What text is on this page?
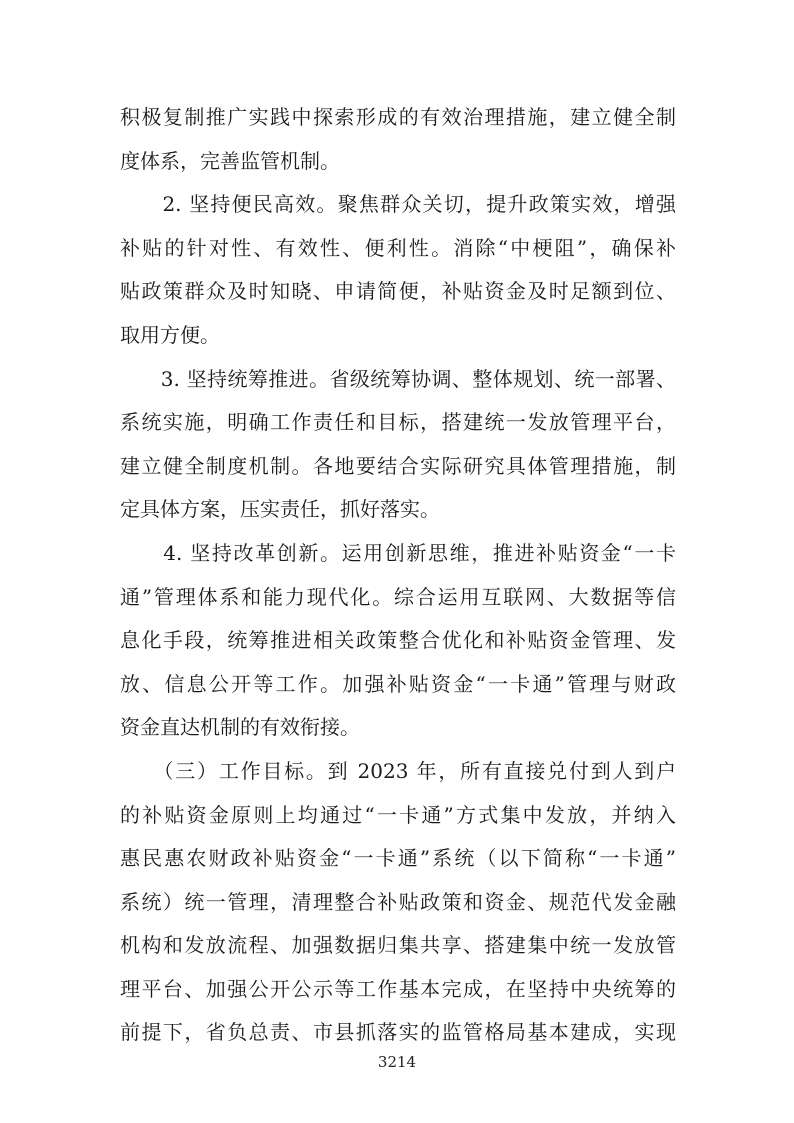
积极复制推广实践中探索形成的有效治理措施，建立健全制
度体系，完善监管机制。
　　2. 坚持便民高效。聚焦群众关切，提升政策实效，增强
补贴的针对性、有效性、便利性。消除“中梗阻”，确保补
贴政策群众及时知晓、申请简便，补贴资金及时足额到位、
取用方便。
　　3. 坚持统筹推进。省级统筹协调、整体规划、统一部署、
系统实施，明确工作责任和目标，搭建统一发放管理平台，
建立健全制度机制。各地要结合实际研究具体管理措施，制
定具体方案，压实责任，抓好落实。
　　4. 坚持改革创新。运用创新思维，推进补贴资金“一卡
通”管理体系和能力现代化。综合运用互联网、大数据等信
息化手段，统筹推进相关政策整合优化和补贴资金管理、发
放、信息公开等工作。加强补贴资金“一卡通”管理与财政
资金直达机制的有效衔接。
　　（三）工作目标。到 2023 年，所有直接兑付到人到户
的补贴资金原则上均通过“一卡通”方式集中发放，并纳入
惠民惠农财政补贴资金“一卡通”系统（以下简称“一卡通”
系统）统一管理，清理整合补贴政策和资金、规范代发金融
机构和发放流程、加强数据归集共享、搭建集中统一发放管
理平台、加强公开公示等工作基本完成，在坚持中央统筹的
前提下，省负总责、市县抓落实的监管格局基本建成，实现
3214
